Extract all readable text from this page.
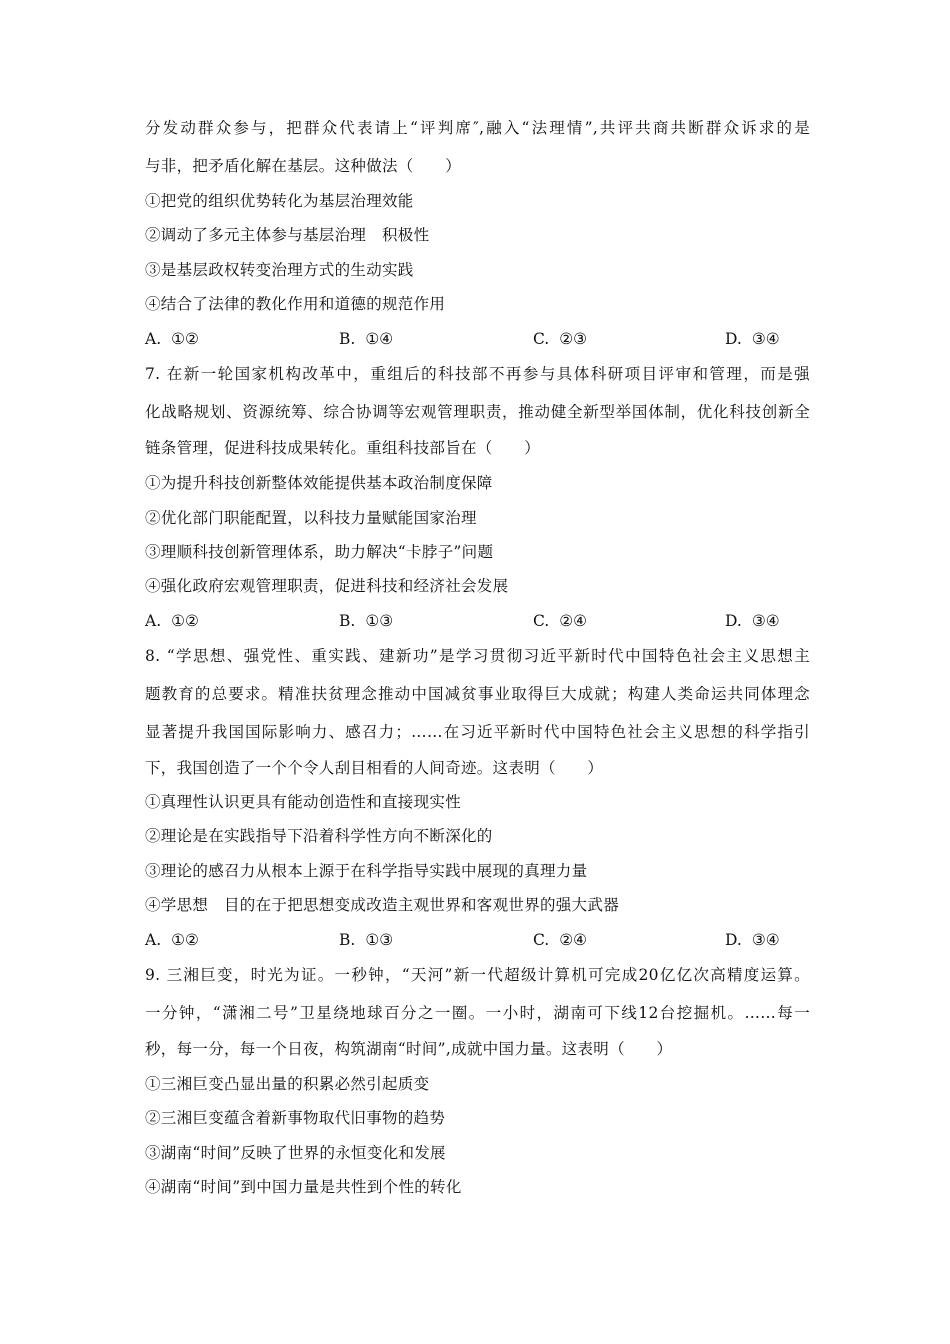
分发动群众参与，把群众代表请上“评判席″,融入“法理情”,共评共商共断群众诉求的是
与非，把矛盾化解在基层。这种做法（　　）
①把党的组织优势转化为基层治理效能
②调动了多元主体参与基层治理　积极性
③是基层政权转变治理方式的生动实践
④结合了法律的教化作用和道德的规范作用
A. ①②	B. ①④	C. ②③	D. ③④
7. 在新一轮国家机构改革中，重组后的科技部不再参与具体科研项目评审和管理，而是强
化战略规划、资源统筹、综合协调等宏观管理职责，推动健全新型举国体制，优化科技创新全
链条管理，促进科技成果转化。重组科技部旨在（　　）
①为提升科技创新整体效能提供基本政治制度保障
②优化部门职能配置，以科技力量赋能国家治理
③理顺科技创新管理体系，助力解决“卡脖子”问题
④强化政府宏观管理职责，促进科技和经济社会发展
A. ①②	B. ①③	C. ②④	D. ③④
8. “学思想、强党性、重实践、建新功”是学习贯彻习近平新时代中国特色社会主义思想主
题教育的总要求。精准扶贫理念推动中国减贫事业取得巨大成就；构建人类命运共同体理念
显著提升我国国际影响力、感召力；……在习近平新时代中国特色社会主义思想的科学指引
下，我国创造了一个个令人刮目相看的人间奇迹。这表明（　　）
①真理性认识更具有能动创造性和直接现实性
②理论是在实践指导下沿着科学性方向不断深化的
③理论的感召力从根本上源于在科学指导实践中展现的真理力量
④学思想　目的在于把思想变成改造主观世界和客观世界的强大武器
A. ①②	B. ①③	C. ②④	D. ③④
9. 三湘巨变，时光为证。一秒钟，“天河”新一代超级计算机可完成20亿亿次高精度运算。
一分钟，“潇湘二号”卫星绕地球百分之一圈。一小时，湖南可下线12台挖掘机。……每一
秒，每一分，每一个日夜，构筑湖南“时间”,成就中国力量。这表明（　　）
①三湘巨变凸显出量的积累必然引起质变
②三湘巨变蕴含着新事物取代旧事物的趋势
③湖南“时间”反映了世界的永恒变化和发展
④湖南“时间”到中国力量是共性到个性的转化
